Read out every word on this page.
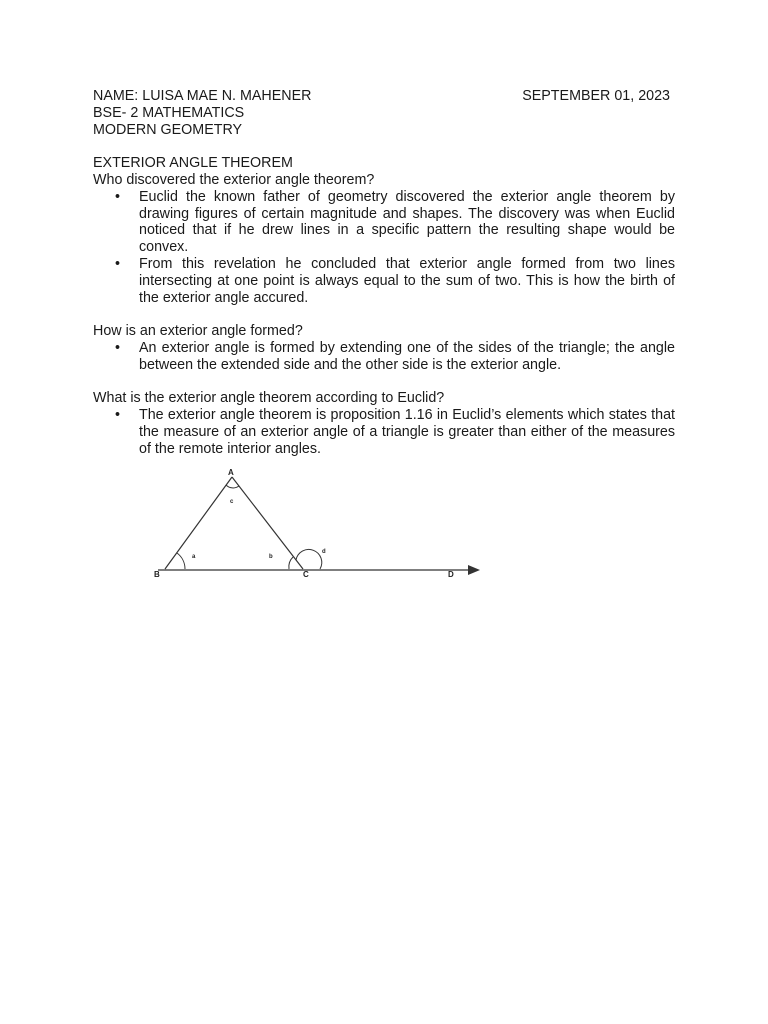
NAME: LUISA MAE N. MAHENER	SEPTEMBER 01, 2023
BSE- 2 MATHEMATICS
MODERN GEOMETRY
EXTERIOR ANGLE THEOREM
Who discovered the exterior angle theorem?
• Euclid the known father of geometry discovered the exterior angle theorem by drawing figures of certain magnitude and shapes. The discovery was when Euclid noticed that if he drew lines in a specific pattern the resulting shape would be convex.
• From this revelation he concluded that exterior angle formed from two lines intersecting at one point is always equal to the sum of two. This is how the birth of the exterior angle accured.
How is an exterior angle formed?
• An exterior angle is formed by extending one of the sides of the triangle; the angle between the extended side and the other side is the exterior angle.
What is the exterior angle theorem according to Euclid?
• The exterior angle theorem is proposition 1.16 in Euclid’s elements which states that the measure of an exterior angle of a triangle is greater than either of the measures of the remote interior angles.
A
B	C	D
a	b
c
d
